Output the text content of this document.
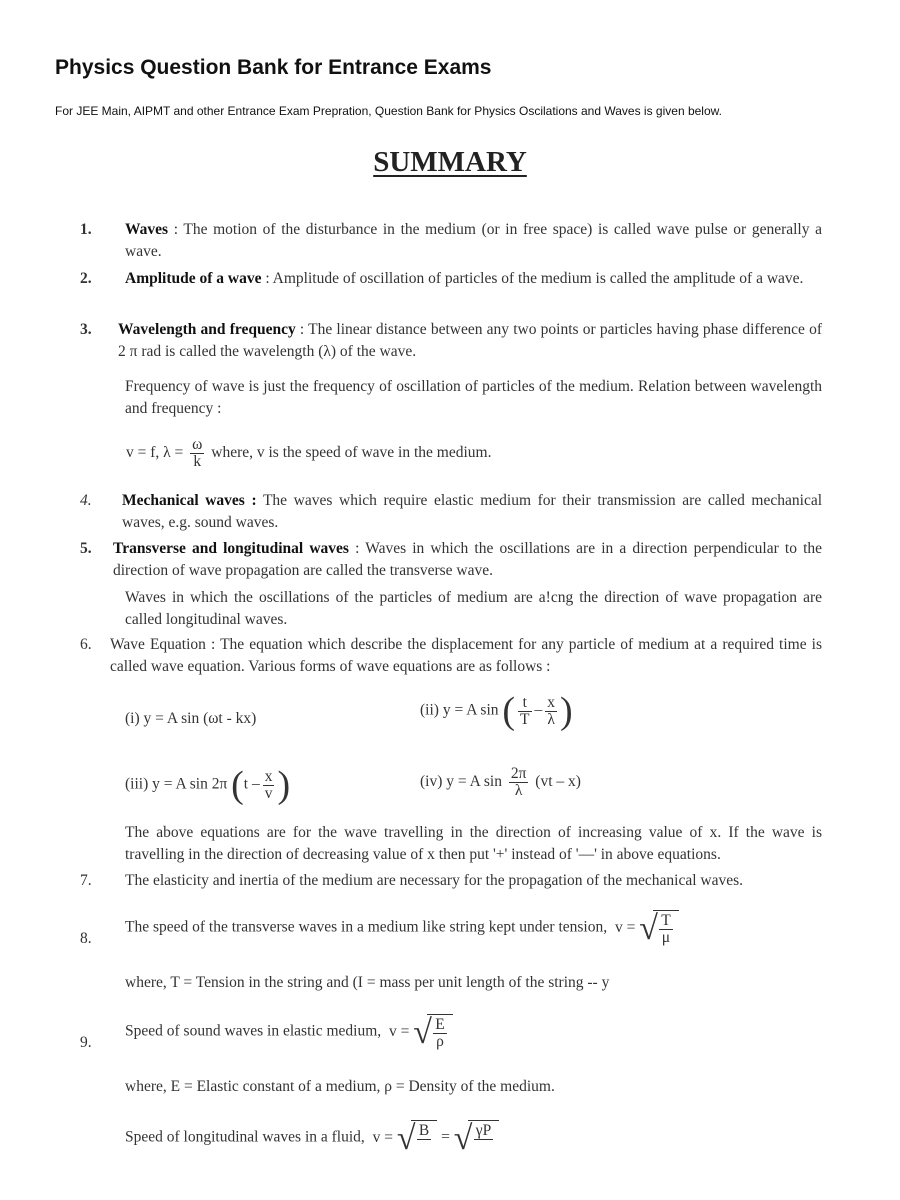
Physics Question Bank for Entrance Exams
For JEE Main, AIPMT and other Entrance Exam Prepration, Question Bank for Physics Oscilations and Waves is given below.
SUMMARY
1. Waves : The motion of the disturbance in the medium (or in free space) is called wave pulse or generally a wave.
2. Amplitude of a wave : Amplitude of oscillation of particles of the medium is called the amplitude of a wave.
3. Wavelength and frequency : The linear distance between any two points or particles having phase difference of 2 π rad is called the wavelength (λ) of the wave.
Frequency of wave is just the frequency of oscillation of particles of the medium. Relation between wavelength and frequency :
v = f, $\lambda = \frac{\omega}{k}$ where, v is the speed of wave in the medium.
4. Mechanical waves : The waves which require elastic medium for their transmission are called mechanical waves, e.g. sound waves.
5. Transverse and longitudinal waves : Waves in which the oscillations are in a direction perpendicular to the direction of wave propagation are called the transverse wave.
Waves in which the oscillations of the particles of medium are a!cng the direction of wave propagation are called longitudinal waves.
6. Wave Equation : The equation which describe the displacement for any particle of medium at a required time is called wave equation. Various forms of wave equations are as follows :
(i) y = A sin (ωt - kx)	(ii) y = A sin ( $\frac{t}{T} - \frac{x}{\lambda}$ )
(iii) y = A sin 2π ($t - \frac{x}{v}$ )	(iv) y = A $\sin \frac{2\pi}{\lambda} (vt - x)$
The above equations are for the wave travelling in the direction of increasing value of x. If the wave is travelling in the direction of decreasing value of x then put '+' instead of '—' in above equations.
7. The elasticity and inertia of the medium are necessary for the propagation of the mechanical waves.
8.
The speed of the transverse waves in a medium like string kept under tension, v = √ $\frac{T}{\mu}$
where, T = Tension in the string and (I = mass per unit length of the string -- y
9.
Speed of sound waves in elastic medium, v = √ $\frac{E}{\rho}$
where, E = Elastic constant of a medium, ρ = Density of the medium.
Speed of longitudinal waves in a fluid, v = √ B
= √ γP
